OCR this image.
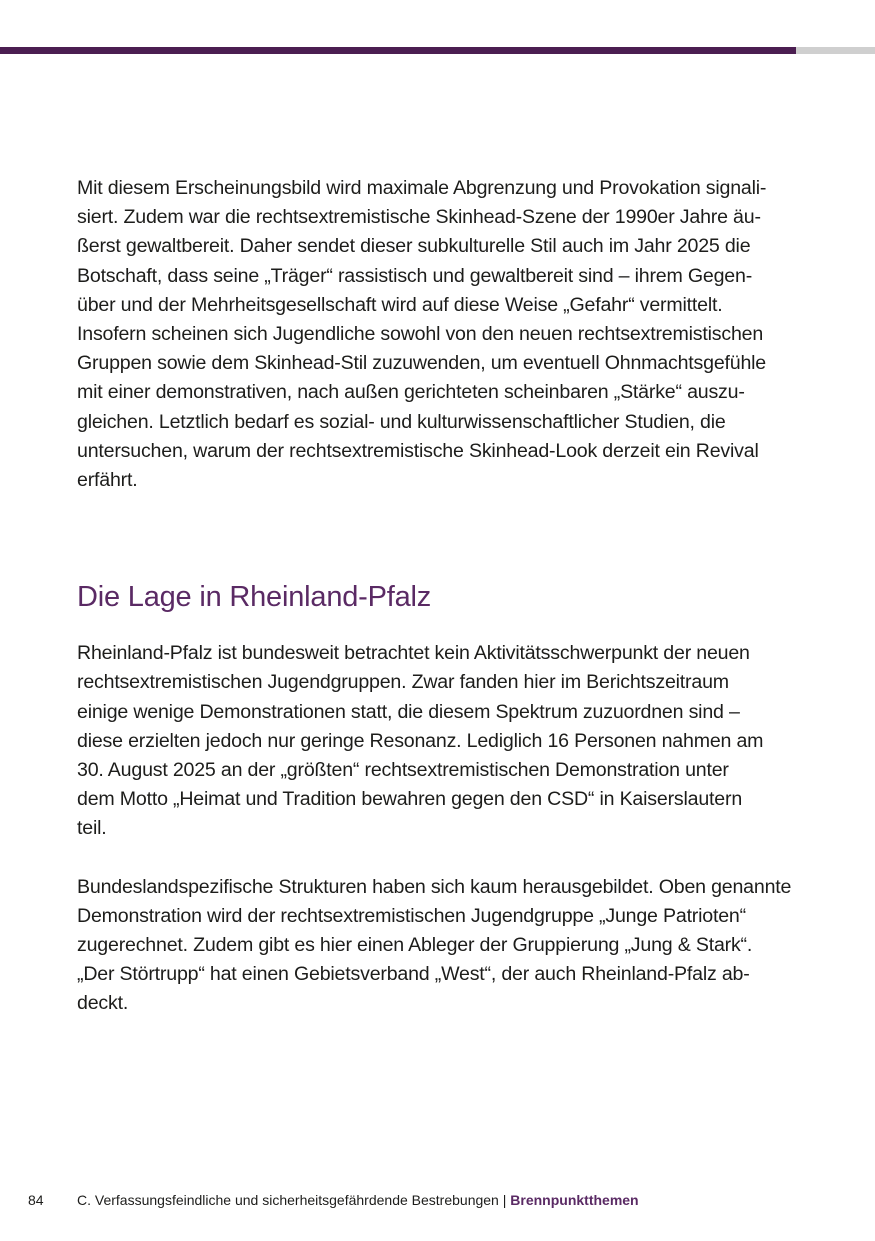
Mit diesem Erscheinungsbild wird maximale Abgrenzung und Provokation signali-
siert. Zudem war die rechtsextremistische Skinhead-Szene der 1990er Jahre äu-
ßerst gewaltbereit. Daher sendet dieser subkulturelle Stil auch im Jahr 2025 die
Botschaft, dass seine „Träger“ rassistisch und gewaltbereit sind – ihrem Gegen-
über und der Mehrheitsgesellschaft wird auf diese Weise „Gefahr“ vermittelt.
Insofern scheinen sich Jugendliche sowohl von den neuen rechtsextremistischen
Gruppen sowie dem Skinhead-Stil zuzuwenden, um eventuell Ohnmachtsgefühle
mit einer demonstrativen, nach außen gerichteten scheinbaren „Stärke“ auszu-
gleichen. Letztlich bedarf es sozial- und kulturwissenschaftlicher Studien, die
untersuchen, warum der rechtsextremistische Skinhead-Look derzeit ein Revival
erfährt.

Die Lage in Rheinland-Pfalz

Rheinland-Pfalz ist bundesweit betrachtet kein Aktivitätsschwerpunkt der neuen
rechtsextremistischen Jugendgruppen. Zwar fanden hier im Berichtszeitraum
einige wenige Demonstrationen statt, die diesem Spektrum zuzuordnen sind –
diese erzielten jedoch nur geringe Resonanz. Lediglich 16 Personen nahmen am
30. August 2025 an der „größten“ rechtsextremistischen Demonstration unter
dem Motto „Heimat und Tradition bewahren gegen den CSD“ in Kaiserslautern
teil.

Bundeslandspezifische Strukturen haben sich kaum herausgebildet. Oben genannte
Demonstration wird der rechtsextremistischen Jugendgruppe „Junge Patrioten“
zugerechnet. Zudem gibt es hier einen Ableger der Gruppierung „Jung & Stark“.
„Der Störtrupp“ hat einen Gebietsverband „West“, der auch Rheinland-Pfalz ab-
deckt.

84 C. Verfassungsfeindliche und sicherheitsgefährdende Bestrebungen | Brennpunktthemen
